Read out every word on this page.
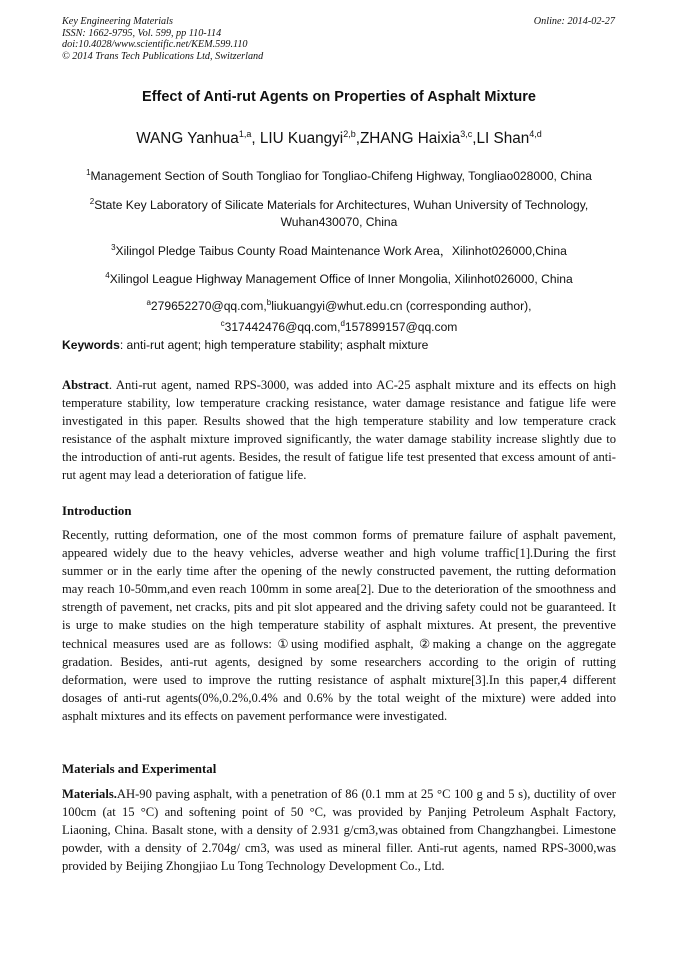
Key Engineering Materials
ISSN: 1662-9795, Vol. 599, pp 110-114
doi:10.4028/www.scientific.net/KEM.599.110
© 2014 Trans Tech Publications Ltd, Switzerland
Online: 2014-02-27
Effect of Anti-rut Agents on Properties of Asphalt Mixture
WANG Yanhua$^{1,a}$, LIU Kuangyi$^{2,b}$,ZHANG Haixia$^{3,c}$,LI Shan$^{4,d}$

$^1$Management Section of South Tongliao for Tongliao-Chifeng Highway, Tongliao028000, China

$^2$State Key Laboratory of Silicate Materials for Architectures, Wuhan University of Technology, Wuhan430070, China

$^3$Xilingol Pledge Taibus County Road Maintenance Work Area，Xilinhot026000,China

$^4$Xilingol League Highway Management Office of Inner Mongolia, Xilinhot026000, China

$^a$279652270@qq.com,$^b$liukuangyi@whut.edu.cn (corresponding author),
$^c$317442476@qq.com,$^d$157899157@qq.com

Keywords: anti-rut agent; high temperature stability; asphalt mixture
Abstract. Anti-rut agent, named RPS-3000, was added into AC-25 asphalt mixture and its effects on high temperature stability, low temperature cracking resistance, water damage resistance and fatigue life were investigated in this paper. Results showed that the high temperature stability and low temperature crack resistance of the asphalt mixture improved significantly, the water damage stability increase slightly due to the introduction of anti-rut agents. Besides, the result of fatigue life test presented that excess amount of anti-rut agent may lead a deterioration of fatigue life.
Introduction
Recently, rutting deformation, one of the most common forms of premature failure of asphalt pavement, appeared widely due to the heavy vehicles, adverse weather and high volume traffic[1].During the first summer or in the early time after the opening of the newly constructed pavement, the rutting deformation may reach 10-50mm,and even reach 100mm in some area[2]. Due to the deterioration of the smoothness and strength of pavement, net cracks, pits and pit slot appeared and the driving safety could not be guaranteed. It is urge to make studies on the high temperature stability of asphalt mixtures. At present, the preventive technical measures used are as follows: ①using modified asphalt, ②making a change on the aggregate gradation. Besides, anti-rut agents, designed by some researchers according to the origin of rutting deformation, were used to improve the rutting resistance of asphalt mixture[3].In this paper,4 different dosages of anti-rut agents(0%,0.2%,0.4% and 0.6% by the total weight of the mixture) were added into asphalt mixtures and its effects on pavement performance were investigated.
Materials and Experimental
Materials.AH-90 paving asphalt, with a penetration of 86 (0.1 mm at 25 °C 100 g and 5 s), ductility of over 100cm (at 15 °C) and softening point of 50 °C, was provided by Panjing Petroleum Asphalt Factory, Liaoning, China. Basalt stone, with a density of 2.931 g/cm3,was obtained from Changzhangbei. Limestone powder, with a density of 2.704g/ cm3, was used as mineral filler. Anti-rut agents, named RPS-3000,was provided by Beijing Zhongjiao Lu Tong Technology Development Co., Ltd.
